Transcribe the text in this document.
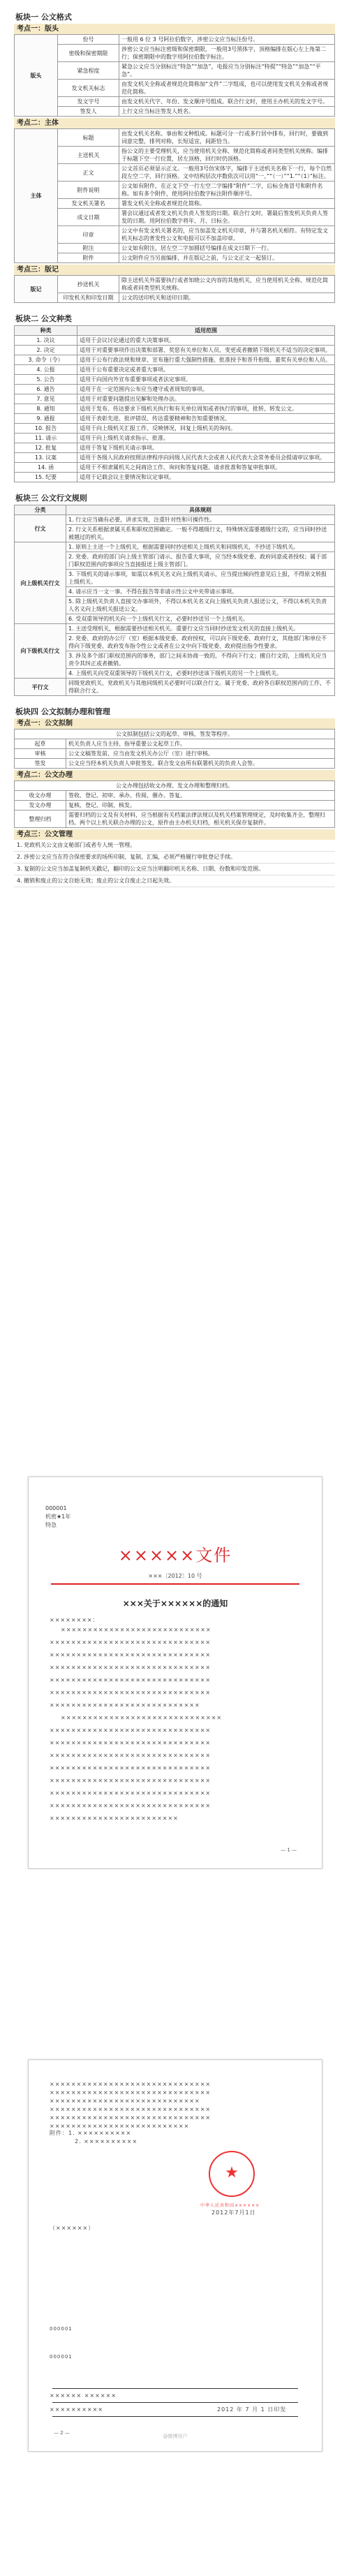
板块一 公文格式
考点一：版头
版头	份号	一般用 6 位 3 号阿拉伯数字，涉密公文应当标注份号。
	密级和保密期限	涉密公文应当标注密级和保密期限，一般用3号黑体字，顶格编排在版心左上角第二行；保密期限中的数字用阿拉伯数字标注。
	紧急程度	紧急公文应当分别标注“特急”“加急”，电报应当分别标注“特提”“特急”“加急”“平急”。
	发文机关标志	由发文机关全称或者规范化简称加“文件”二字组成，也可以使用发文机关全称或者规范化简称。
	发文字号	由发文机关代字、年份、发文顺序号组成。联合行文时，使用主办机关的发文字号。
	签发人	上行文应当标注签发人姓名。
考点二：主体
主体	标题	由发文机关名称、事由和文种组成。标题可分一行或多行居中排布，回行时，要做到词意完整，排列对称，长短适宜，间距恰当。
	主送机关	指公文的主要受理机关，应当使用机关全称、规范化简称或者同类型机关统称。编排于标题下空一行位置，居左顶格，回行时仍顶格。
	正文	公文首页必须显示正文。一般用3号仿宋体字，编排于主送机关名称下一行，每个自然段左空二字，回行顶格。文中结构层次序数依次可以用“一、”“（一）”“1.”“（1）”标注。
	附件说明	公文如有附件，在正文下空一行左空二字编排“附件”二字，后标全角冒号和附件名称。如有多个附件，使用阿拉伯数字标注附件顺序号。
	发文机关署名	署发文机关全称或者规范化简称。
	成文日期	署会议通过或者发文机关负责人签发的日期。联合行文时，署最后签发机关负责人签发的日期。用阿拉伯数字将年、月、日标全。
	印章	公文中有发文机关署名的，应当加盖发文机关印章，并与署名机关相符。有特定发文机关标志的普发性公文和电报可以不加盖印章。
	附注	公文如有附注，居左空二字加圆括号编排在成文日期下一行。
	附件	公文附件应当另面编排，并在版记之前，与公文正文一起装订。
考点三：版记
版记	抄送机关	除主送机关外需要执行或者知晓公文内容的其他机关，应当使用机关全称、规范化简称或者同类型机关统称。
	印发机关和印发日期	公文的送印机关和送印日期。
板块二 公文种类
种类	适用范围
1. 决议	适用于会议讨论通过的重大决策事项。
2. 决定	适用于对重要事项作出决策和部署、奖惩有关单位和人员、变更或者撤销下级机关不适当的决定事项。
3. 命令（令）	适用于公布行政法规和规章、宣布施行重大强制性措施、批准授予和晋升衔级、嘉奖有关单位和人员。
4. 公报	适用于公布重要决定或者重大事项。
5. 公告	适用于向国内外宣布重要事项或者法定事项。
6. 通告	适用于在一定范围内公布应当遵守或者周知的事项。
7. 意见	适用于对重要问题提出见解和处理办法。
8. 通知	适用于发布、传达要求下级机关执行和有关单位周知或者执行的事项，批转、转发公文。
9. 通报	适用于表彰先进、批评错误、传达重要精神和告知重要情况。
10. 报告	适用于向上级机关汇报工作、反映情况，回复上级机关的询问。
11. 请示	适用于向上级机关请求指示、批准。
12. 批复	适用于答复下级机关请示事项。
13. 议案	适用于各级人民政府按照法律程序向同级人民代表大会或者人民代表大会常务委员会提请审议事项。
14. 函	适用于不相隶属机关之间商洽工作、询问和答复问题、请求批准和答复审批事项。
15. 纪要	适用于记载会议主要情况和议定事项。
板块三 公文行文规则
分类	具体规则
行文	1. 行文应当确有必要，讲求实效，注重针对性和可操作性。
	2. 行文关系根据隶属关系和职权范围确定。一般不得越级行文，特殊情况需要越级行文的，应当同时抄送被越过的机关。
向上级机关行文	1. 原则上主送一个上级机关，根据需要同时抄送相关上级机关和同级机关，不抄送下级机关。
	2. 党委、政府的部门向上级主管部门请示、报告重大事项，应当经本级党委、政府同意或者授权；属于部门职权范围内的事项应当直接报送上级主管部门。
	3. 下级机关的请示事项，如需以本机关名义向上级机关请示，应当提出倾向性意见后上报，不得原文转报上级机关。
	4. 请示应当一文一事。不得在报告等非请示性公文中夹带请示事项。
	5. 除上级机关负责人直接交办事项外，不得以本机关名义向上级机关负责人报送公文，不得以本机关负责人名义向上级机关报送公文。
	6. 受双重领导的机关向一个上级机关行文，必要时抄送另一个上级机关。
向下级机关行文	1. 主送受理机关，根据需要抄送相关机关。重要行文应当同时抄送发文机关的直接上级机关。
	2. 党委、政府的办公厅（室）根据本级党委、政府授权，可以向下级党委、政府行文，其他部门和单位不得向下级党委、政府发布指令性公文或者在公文中向下级党委、政府提出指令性要求。
	3. 涉及多个部门职权范围内的事务，部门之间未协商一致的，不得向下行文；擅自行文的，上级机关应当责令其纠正或者撤销。
	4. 上级机关向受双重领导的下级机关行文，必要时抄送该下级机关的另一个上级机关。
平行文	同级党政机关、党政机关与其他同级机关必要时可以联合行文。属于党委、政府各自职权范围内的工作，不得联合行文。
板块四 公文拟制办理和管理
考点一：公文拟制
公文拟制包括公文的起草、审核、签发等程序。	
起草	机关负责人应当主持、指导重要公文起草工作。
审核	公文文稿签发前，应当由发文机关办公厅（室）进行审核。
签发	公文应当经本机关负责人审批签发。联合发文由所有联署机关的负责人会签。
考点二：公文办理
公文办理包括收文办理、发文办理和整理归档。	
收文办理	签收、登记、初审、承办、传阅、催办、答复。
发文办理	复核、登记、印制、核发。
整理归档	需要归档的公文及有关材料，应当根据有关档案法律法规以及机关档案管理规定，及时收集齐全、整理归档。两个以上机关联合办理的公文，原件由主办机关归档，相关机关保存复制件。
考点三：公文管理

1. 党政机关公文由文秘部门或者专人统一管理。

2. 涉密公文应当在符合保密要求的场所印制、复制、汇编，必须严格履行审批登记手续。

3. 复制的公文应当加盖复制机关戳记，翻印的公文应当注明翻印机关名称、日期、份数和印发范围。

4. 撤销和废止的公文自始无效；废止的公文自废止之日起失效。

000001
机密★1年
特急
×××××文件
×××〔2012〕10 号
×××关于××××××的通知
××××××××：
××××××××××××××××××××××××××××
××××××××××××××××××××××××××××××
××××××××××××××××××××××××××××××
××××××××××××××××××××××××××××××
××××××××××××××××××××××××××××××
××××××××××××××××××××××××××××××
××××××××××××××××××××××××××××
××××××××××××××××××××××××××××××
××××××××××××××××××××××××××××××
××××××××××××××××××××××××××××××
××××××××××××××××××××××××××××××
××××××××××××××××××××××××××××××
××××××××××××××××××××××××××××××
××××××××××××××××××××××××××××××
××××××××××××××××××××××××××××××
××××××××××××××××××××××××
— 1 —
××××××××××××××××××××××××××××××
××××××××××××××××××××××××××××××
××××××××××××××××××××××××××××
××××××××××××××××××××××××××××××
××××××××××××××××××××××××××××××
××××××××××××××××××××××××××
附件：1. ××××××××××
2. ××××××××××
★
中华人民共和国××××××
2012年7月1日
（××××××）
000001
000001
×××××× ××××××
××××××××××	2012 年 7 月 1 日印发
— 2 —
@微博用户
